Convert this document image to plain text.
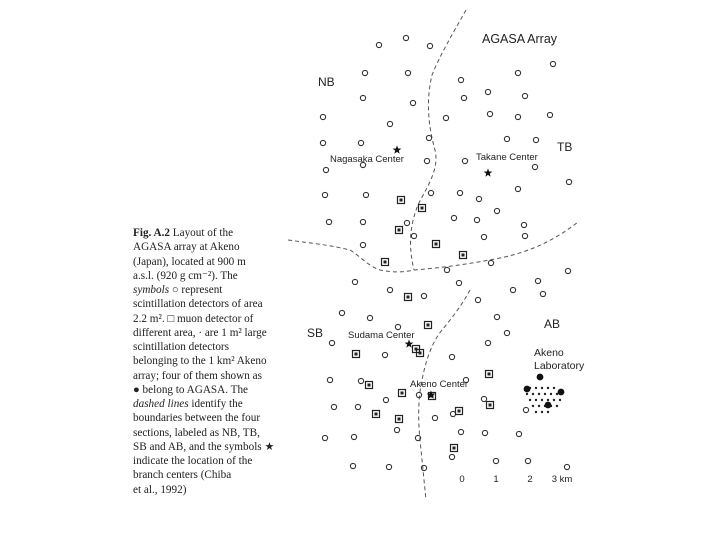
Fig. A.2 Layout of the
AGASA array at Akeno
(Japan), located at 900 m
a.s.l. (920 g cm⁻²). The
symbols ○ represent
scintillation detectors of area
2.2 m². □ muon detector of
different area, · are 1 m² large
scintillation detectors
belonging to the 1 km² Akeno
array; four of them shown as
● belong to AGASA. The
dashed lines identify the
boundaries between the four
sections, labeled as NB, TB,
SB and AB, and the symbols ★
indicate the location of the
branch centers (Chiba
et al., 1992)
AGASA Array
NB
TB
SB
AB
Nagasaka Center	Takane Center
Sudama Center
Akeno Center
Akeno
Laboratory
0	1	2 3 km
